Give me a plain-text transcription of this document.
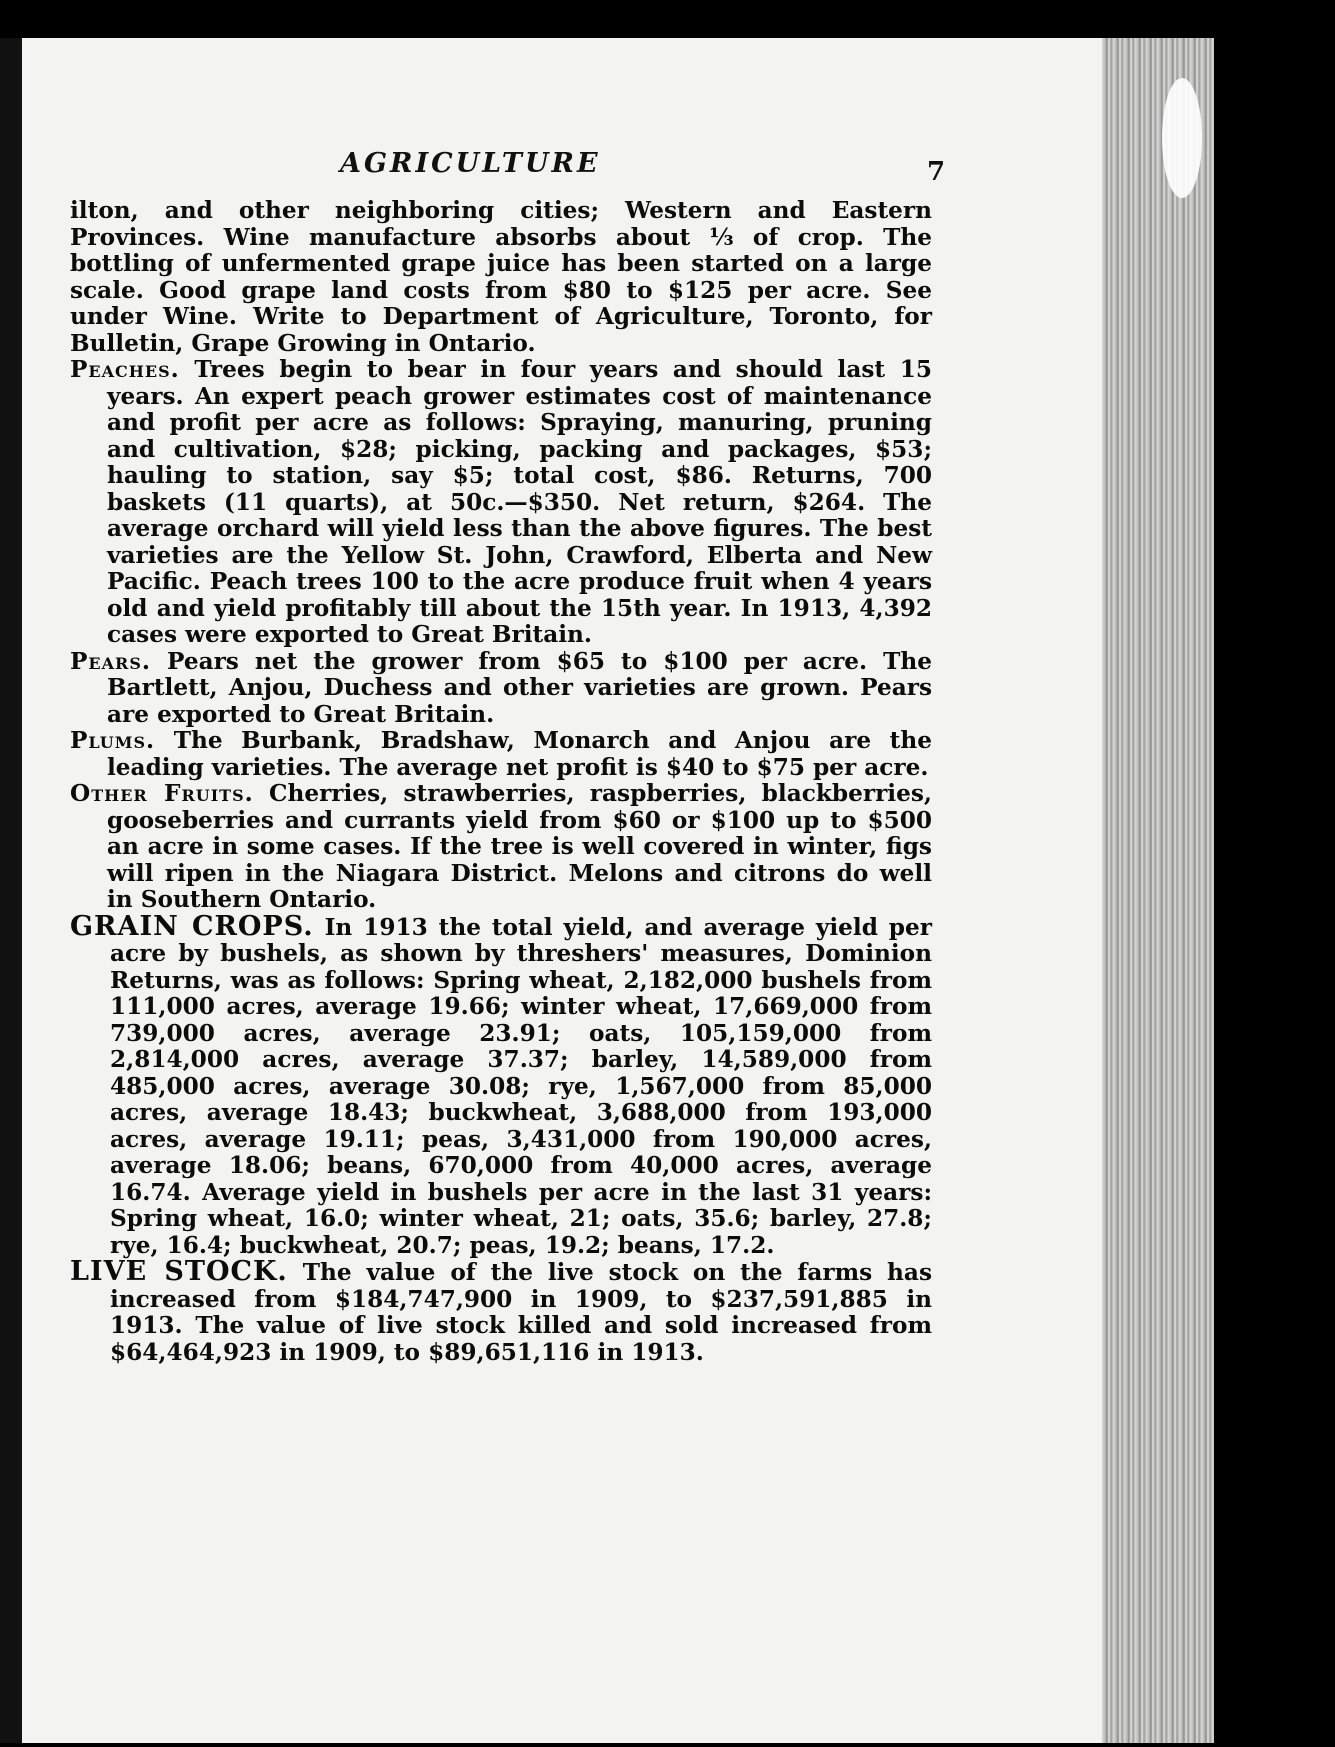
AGRICULTURE	7

ilton, and other neighboring cities; Western and Eastern Provinces. Wine manufacture absorbs about ⅓ of crop. The bottling of unfermented grape juice has been started on a large scale. Good grape land costs from $80 to $125 per acre. See under Wine. Write to Department of Agriculture, Toronto, for Bulletin, Grape Growing in Ontario.

Peaches. Trees begin to bear in four years and should last 15 years. An expert peach grower estimates cost of maintenance and profit per acre as follows: Spraying, manuring, pruning and cultivation, $28; picking, packing and packages, $53; hauling to station, say $5; total cost, $86. Returns, 700 baskets (11 quarts), at 50c.—$350. Net return, $264. The average orchard will yield less than the above figures. The best varieties are the Yellow St. John, Crawford, Elberta and New Pacific. Peach trees 100 to the acre produce fruit when 4 years old and yield profitably till about the 15th year. In 1913, 4,392 cases were exported to Great Britain.

Pears. Pears net the grower from $65 to $100 per acre. The Bartlett, Anjou, Duchess and other varieties are grown. Pears are exported to Great Britain.

Plums. The Burbank, Bradshaw, Monarch and Anjou are the leading varieties. The average net profit is $40 to $75 per acre.

Other Fruits. Cherries, strawberries, raspberries, blackberries, gooseberries and currants yield from $60 or $100 up to $500 an acre in some cases. If the tree is well covered in winter, figs will ripen in the Niagara District. Melons and citrons do well in Southern Ontario.

GRAIN CROPS. In 1913 the total yield, and average yield per acre by bushels, as shown by threshers' measures, Dominion Returns, was as follows: Spring wheat, 2,182,000 bushels from 111,000 acres, average 19.66; winter wheat, 17,669,000 from 739,000 acres, average 23.91; oats, 105,159,000 from 2,814,000 acres, average 37.37; barley, 14,589,000 from 485,000 acres, average 30.08; rye, 1,567,000 from 85,000 acres, average 18.43; buckwheat, 3,688,000 from 193,000 acres, average 19.11; peas, 3,431,000 from 190,000 acres, average 18.06; beans, 670,000 from 40,000 acres, average 16.74. Average yield in bushels per acre in the last 31 years: Spring wheat, 16.0; winter wheat, 21; oats, 35.6; barley, 27.8; rye, 16.4; buckwheat, 20.7; peas, 19.2; beans, 17.2.

LIVE STOCK. The value of the live stock on the farms has increased from $184,747,900 in 1909, to $237,591,885 in 1913. The value of live stock killed and sold increased from $64,464,923 in 1909, to $89,651,116 in 1913.
